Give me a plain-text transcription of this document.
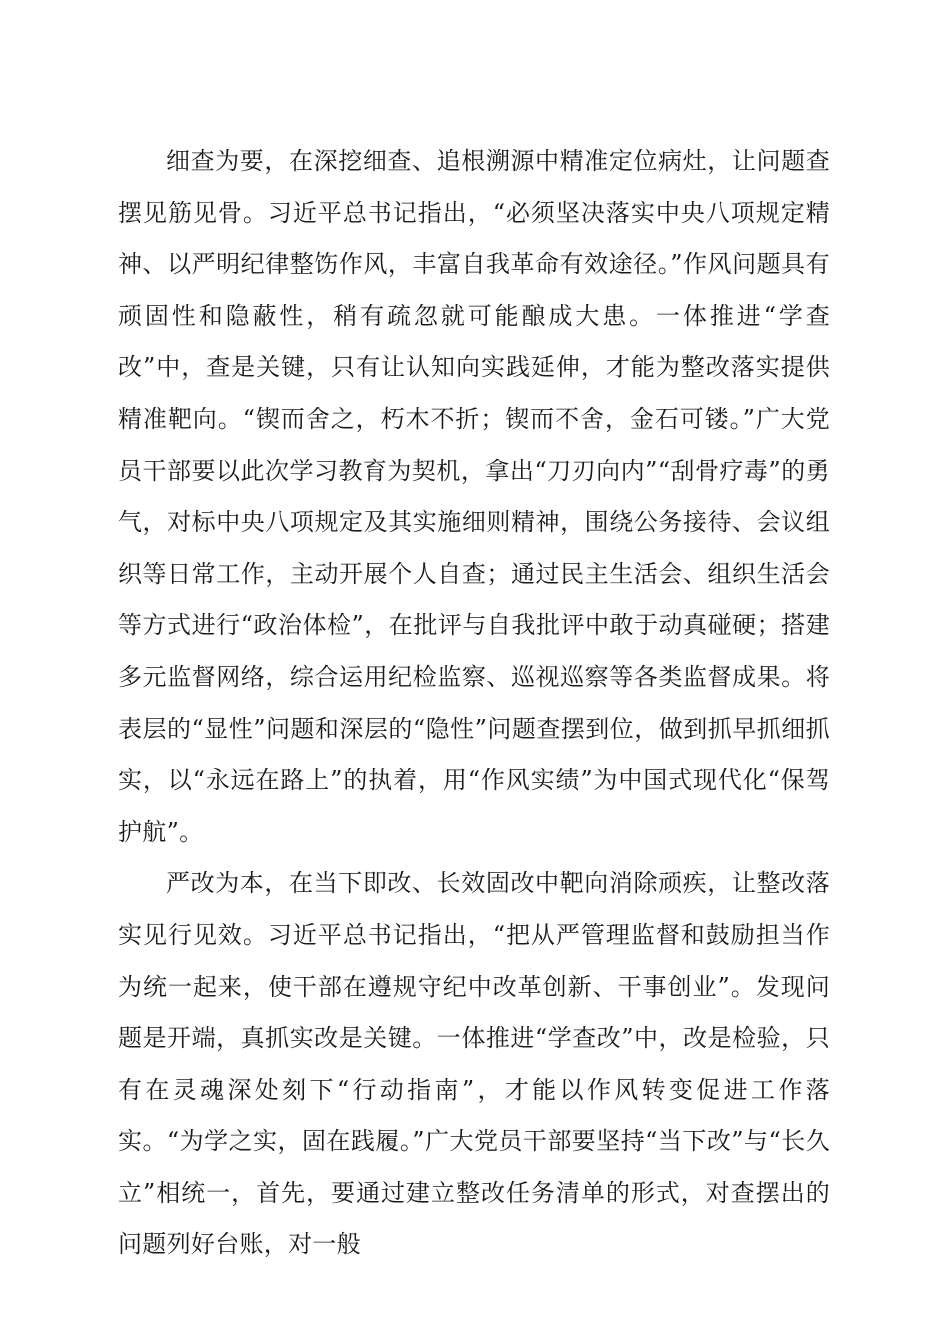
细查为要，在深挖细查、追根溯源中精准定位病灶，让问题查摆见筋见骨。习近平总书记指出，“必须坚决落实中央八项规定精神、以严明纪律整饬作风，丰富自我革命有效途径。”作风问题具有顽固性和隐蔽性，稍有疏忽就可能酿成大患。一体推进“学查改”中，查是关键，只有让认知向实践延伸，才能为整改落实提供精准靶向。“锲而舍之，朽木不折；锲而不舍，金石可镂。”广大党员干部要以此次学习教育为契机，拿出“刀刃向内”“刮骨疗毒”的勇气，对标中央八项规定及其实施细则精神，围绕公务接待、会议组织等日常工作，主动开展个人自查；通过民主生活会、组织生活会等方式进行“政治体检”，在批评与自我批评中敢于动真碰硬；搭建多元监督网络，综合运用纪检监察、巡视巡察等各类监督成果。将表层的“显性”问题和深层的“隐性”问题查摆到位，做到抓早抓细抓实，以“永远在路上”的执着，用“作风实绩”为中国式现代化“保驾护航”。

严改为本，在当下即改、长效固改中靶向消除顽疾，让整改落实见行见效。习近平总书记指出，“把从严管理监督和鼓励担当作为统一起来，使干部在遵规守纪中改革创新、干事创业”。发现问题是开端，真抓实改是关键。一体推进“学查改”中，改是检验，只有在灵魂深处刻下“行动指南”，才能以作风转变促进工作落实。“为学之实，固在践履。”广大党员干部要坚持“当下改”与“长久立”相统一，首先，要通过建立整改任务清单的形式，对查摆出的问题列好台账，对一般
